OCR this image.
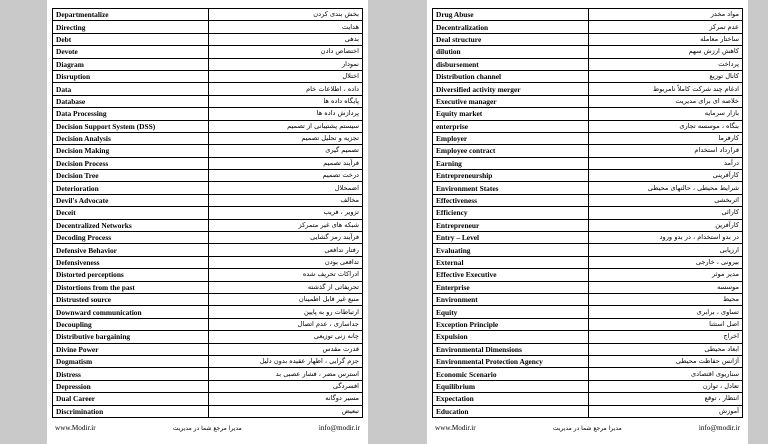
Departmentalize	بخش بندی کردن
Directing	هدایت
Debt	بدهی
Devote	اختصاص دادن
Diagram	نمودار
Disruption	اختلال
Data	داده ، اطلاعات خام
Database	پایگاه داده ها
Data Processing	پردازش داده ها
Decision Support System (DSS)	سیستم پشتیبانی از تصمیم
Decision Analysis	تجزیه و تحلیل تصمیم
Decision Making	تصمیم گیری
Decision Process	فرآیند تصمیم
Decision Tree	درخت تصمیم
Deterioration	اضمحلال
Devil's Advocate	مخالف
Deceit	تزویر ، فریب
Decentralized Networks	شبکه های غیر متمرکز
Decoding Process	فرآیند رمز گشایی
Defensive Behavior	رفتار تدافعی
Defensiveness	تدافعی بودن
Distorted perceptions	ادراکات تحریف شده
Distortions from the past	تحریفاتی از گذشته
Distrusted source	منبع غیر قابل اطمینان
Downward communication	ارتباطات رو به پایین
Decoupling	جداسازی ، عدم اتصال
Distributive bargaining	چانه زنی توزیعی
Divine Power	قدرت مقدس
Dogmatism	جزم گرایی ، اظهار عقیده بدون دلیل
Distress	استرس مضر ، فشار عصبی بد
Depression	افسردگی
Dual Career	مسیر دوگانه
Discrimination	تبعیض
www.Modir.ir	مدیرا مرجع شما در مدیریت	info@modir.ir
Drug Abuse	مواد مخدر
Decentralization	عدم تمرکز
Deal structure	ساختار معامله
dilution	کاهش ارزش سهم
disbursement	پرداخت
Distribution channel	کانال توزیع
Diversified activity merger	ادغام چند شرکت کاملاً نامربوط
Executive manager	خلاصه ای برای مدیریت
Equity market	بازار سرمایه
enterprise	بنگاه ، موسسه تجاری
Employer	کارفرما
Employee contract	قرارداد استخدام
Earning	درآمد
Entrepreneurship	کارآفرینی
Environment States	شرایط محیطی ، حالتهای محیطی
Effectiveness	اثربخشی
Efficiency	کارائی
Entrepreneur	کارآفرین
Entry – Level	در بدو استخدام ، در بدو ورود
Evaluating	ارزیابی
External	بیرونی ، خارجی
Effective Executive	مدیر موثر
Enterprise	موسسه
Environment	محیط
Equity	تساوی ، برابری
Exception Principle	اصل استثنا
Expulsion	اخراج
Environmental Dimensions	ابعاد محیطی
Environmental Protection Agency	آژانس حفاظت محیطی
Economic Scenario	سناریوی اقتصادی
Equilibrium	تعادل ، توازن
Expectation	انتظار ، توقع
Education	آموزش
www.Modir.ir	مدیرا مرجع شما در مدیریت	info@modir.ir
